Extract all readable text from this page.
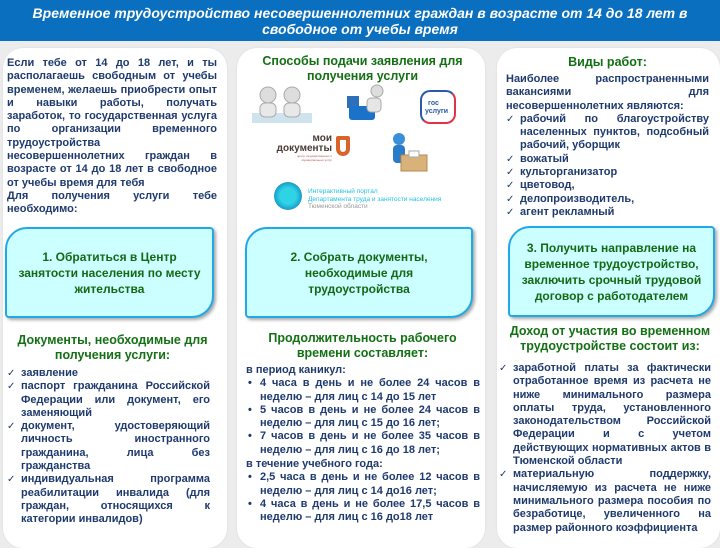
Временное трудоустройство несовершеннолетних граждан в возрасте от 14 до 18 лет в
свободное от учебы время
Если тебе от 14 до 18 лет, и ты располагаешь свободным от учебы временем, желаешь приобрести опыт и навыки работы, получать заработок, то государственная услуга по организации временного трудоустройства несовершеннолетних граждан в возрасте от 14 до 18 лет в свободное от учебы время для тебя
Для получения услуги тебе необходимо:
1. Обратиться в Центр занятости населения по месту жительства
Документы, необходимые для получения услуги:
✓ заявление
✓ паспорт гражданина Российской Федерации или документ, его заменяющий
✓ документ, удостоверяющий личность иностранного гражданина, лица без гражданства
✓ индивидуальная программа реабилитации инвалида (для граждан, относящихся к категории инвалидов)
Способы подачи заявления для получения услуги
гос
услуги
мои
документы
центр государственных и муниципальных услуг
Интерактивный портал
Департамента труда и занятости населения
Тюменской области
2. Собрать документы, необходимые для трудоустройства
Продолжительность рабочего времени составляет:
в период каникул:
• 4 часа в день и не более 24 часов в неделю – для лиц с 14 до 15 лет
• 5 часов в день и не более 24 часов в неделю – для лиц с 15 до 16 лет;
• 7 часов в день и не более 35 часов в неделю – для лиц с 16 до 18 лет;
в течение учебного года:
• 2,5 часа в день и не более 12 часов в неделю – для лиц с 14 до16 лет;
• 4 часа в день и не более 17,5 часов в неделю – для лиц с 16 до18 лет
Виды работ:
Наиболее распространенными вакансиями для несовершеннолетних являются:
✓ рабочий по благоустройству населенных пунктов, подсобный рабочий, уборщик
✓ вожатый
✓ культорганизатор
✓ цветовод,
✓ делопроизводитель,
✓ агент рекламный
3. Получить направление на временное трудоустройство, заключить срочный трудовой договор с работодателем
Доход от участия во временном трудоустройстве состоит из:
✓ заработной платы за фактически отработанное время из расчета не ниже минимального размера оплаты труда, установленного законодательством Российской Федерации и с учетом действующих нормативных актов в Тюменской области
✓ материальную поддержку, начисляемую из расчета не ниже минимального размера пособия по безработице, увеличенного на размер районного коэффициента
